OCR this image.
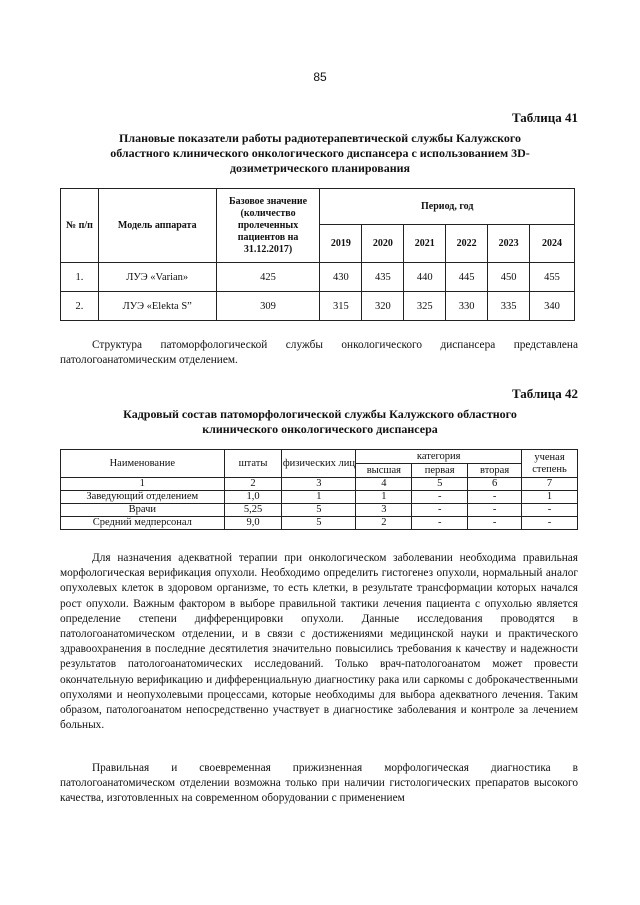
85
Таблица 41
Плановые показатели работы радиотерапевтической службы Калужского
областного клинического онкологического диспансера с использованием 3D-
дозиметрического планирования
№ п/п	Модель аппарата	Базовое значение (количество пролеченных пациентов на 31.12.2017)	Период, год					
			2019	2020	2021	2022	2023	2024
1.	ЛУЭ «Varian»	425	430	435	440	445	450	455
2.	ЛУЭ «Elekta S”	309	315	320	325	330	335	340

Структура патоморфологической службы онкологического диспансера представлена патологоанатомическим отделением.

Таблица 42
Кадровый состав патоморфологической службы Калужского областного
клинического онкологического диспансера
Наименование	штаты	физических лиц	категория			ученая степень
			высшая	первая	вторая	
1	2	3	4	5	6	7
Заведующий отделением	1,0	1	1	-	-	1
Врачи	5,25	5	3	-	-	-
Средний медперсонал	9,0	5	2	-	-	-

Для назначения адекватной терапии при онкологическом заболевании необходима правильная морфологическая верификация опухоли. Необходимо определить гистогенез опухоли, нормальный аналог опухолевых клеток в здоровом организме, то есть клетки, в результате трансформации которых начался рост опухоли. Важным фактором в выборе правильной тактики лечения пациента с опухолью является определение степени дифференцировки опухоли. Данные исследования проводятся в патологоанатомическом отделении, и в связи с достижениями медицинской науки и практического здравоохранения в последние десятилетия значительно повысились требования к качеству и надежности результатов патологоанатомических исследований. Только врач-патологоанатом может провести окончательную верификацию и дифференциальную диагностику рака или саркомы с доброкачественными опухолями и неопухолевыми процессами, которые необходимы для выбора адекватного лечения. Таким образом, патологоанатом непосредственно участвует в диагностике заболевания и контроле за лечением больных.

Правильная и своевременная прижизненная морфологическая диагностика в патологоанатомическом отделении возможна только при наличии гистологических препаратов высокого качества, изготовленных на современном оборудовании с применением
